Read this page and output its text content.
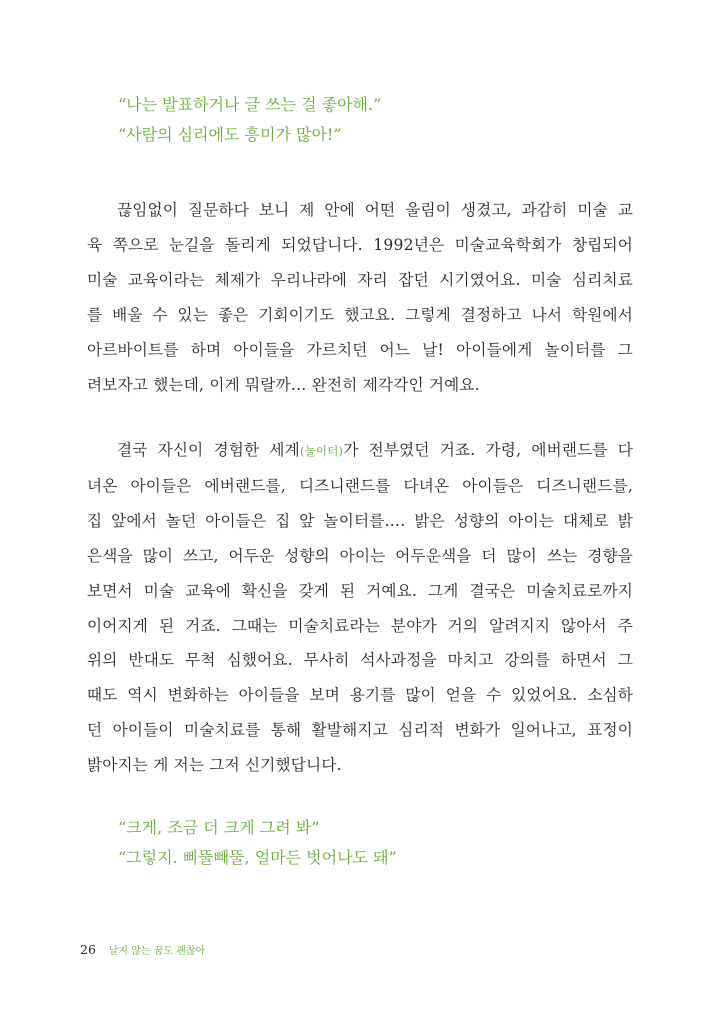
“나는 발표하거나 글 쓰는 걸 좋아해.”

“사람의 심리에도 흥미가 많아!”

끊임없이 질문하다 보니 제 안에 어떤 울림이 생겼고, 과감히 미술 교

육 쪽으로 눈길을 돌리게 되었답니다. 1992년은 미술교육학회가 창립되어

미술 교육이라는 체제가 우리나라에 자리 잡던 시기였어요. 미술 심리치료

를 배울 수 있는 좋은 기회이기도 했고요. 그렇게 결정하고 나서 학원에서

아르바이트를 하며 아이들을 가르치던 어느 날! 아이들에게 놀이터를 그

려보자고 했는데, 이게 뭐랄까… 완전히 제각각인 거예요.

결국 자신이 경험한 세계(놀이터)가 전부였던 거죠. 가령, 에버랜드를 다

녀온 아이들은 에버랜드를, 디즈니랜드를 다녀온 아이들은 디즈니랜드를,

집 앞에서 놀던 아이들은 집 앞 놀이터를…. 밝은 성향의 아이는 대체로 밝

은색을 많이 쓰고, 어두운 성향의 아이는 어두운색을 더 많이 쓰는 경향을

보면서 미술 교육에 확신을 갖게 된 거예요. 그게 결국은 미술치료로까지

이어지게 된 거죠. 그때는 미술치료라는 분야가 거의 알려지지 않아서 주

위의 반대도 무척 심했어요. 무사히 석사과정을 마치고 강의를 하면서 그

때도 역시 변화하는 아이들을 보며 용기를 많이 얻을 수 있었어요. 소심하

던 아이들이 미술치료를 통해 활발해지고 심리적 변화가 일어나고, 표정이

밝아지는 게 저는 그저 신기했답니다.

“크게, 조금 더 크게 그려 봐”

“그렇지. 삐뚤빼뚤, 얼마든 벗어나도 돼”

26 날지 않는 꿈도 괜찮아
